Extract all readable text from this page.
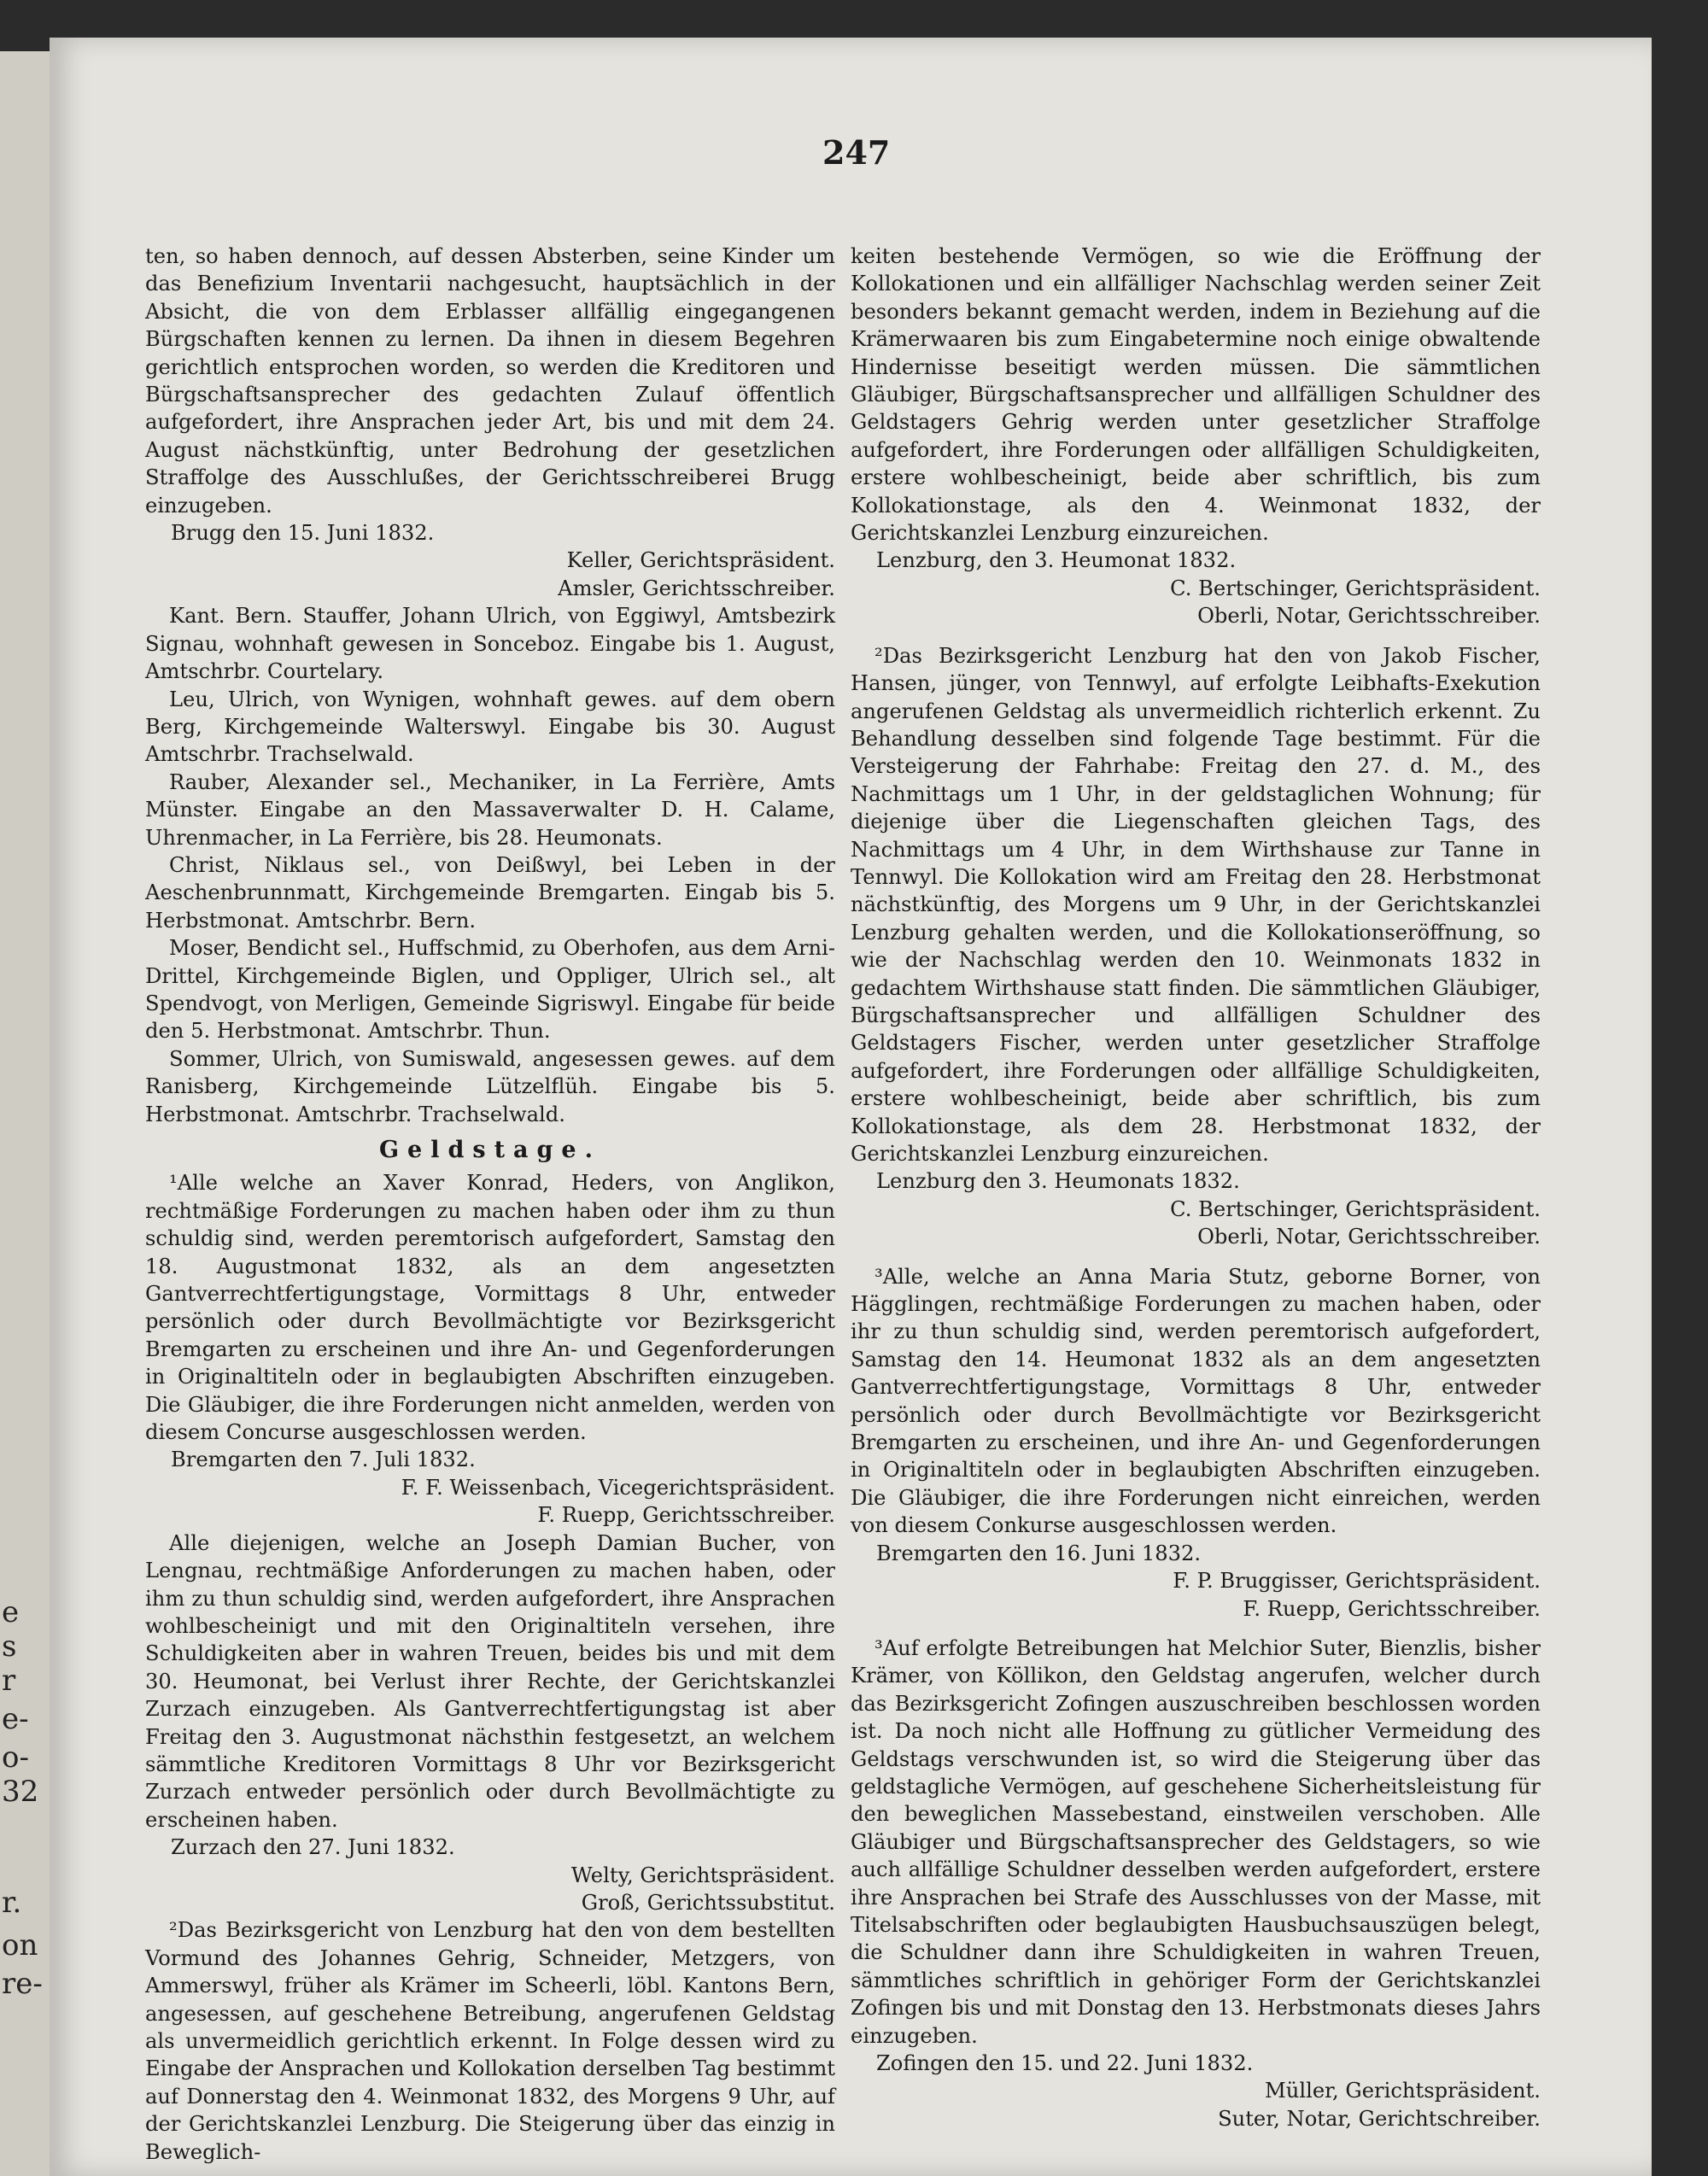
e
s
r
e-
o-
32
r.
on
re-
247

ten, so haben dennoch, auf dessen Absterben, seine Kinder um das Benefizium Inventarii nachgesucht, hauptsächlich in der Absicht, die von dem Erblasser allfällig eingegangenen Bürgschaften kennen zu lernen. Da ihnen in diesem Begehren gerichtlich entsprochen worden, so werden die Kreditoren und Bürgschaftsansprecher des gedachten Zulauf öffentlich aufgefordert, ihre Ansprachen jeder Art, bis und mit dem 24. August nächstkünftig, unter Bedrohung der gesetzlichen Straffolge des Ausschlußes, der Gerichtsschreiberei Brugg einzugeben.

Brugg den 15. Juni 1832.

Keller, Gerichtspräsident.

Amsler, Gerichtsschreiber.

Kant. Bern. Stauffer, Johann Ulrich, von Eggiwyl, Amtsbezirk Signau, wohnhaft gewesen in Sonceboz. Eingabe bis 1. August, Amtschrbr. Courtelary.

Leu, Ulrich, von Wynigen, wohnhaft gewes. auf dem obern Berg, Kirchgemeinde Walterswyl. Eingabe bis 30. August Amtschrbr. Trachselwald.

Rauber, Alexander sel., Mechaniker, in La Ferrière, Amts Münster. Eingabe an den Massaverwalter D. H. Calame, Uhrenmacher, in La Ferrière, bis 28. Heumonats.

Christ, Niklaus sel., von Deißwyl, bei Leben in der Aeschenbrunnmatt, Kirchgemeinde Bremgarten. Eingab bis 5. Herbstmonat. Amtschrbr. Bern.

Moser, Bendicht sel., Huffschmid, zu Oberhofen, aus dem Arni-Drittel, Kirchgemeinde Biglen, und Oppliger, Ulrich sel., alt Spendvogt, von Merligen, Gemeinde Sigriswyl. Eingabe für beide den 5. Herbstmonat. Amtschrbr. Thun.

Sommer, Ulrich, von Sumiswald, angesessen gewes. auf dem Ranisberg, Kirchgemeinde Lützelflüh. Eingabe bis 5. Herbstmonat. Amtschrbr. Trachselwald.

Geldstage.

¹Alle welche an Xaver Konrad, Heders, von Anglikon, rechtmäßige Forderungen zu machen haben oder ihm zu thun schuldig sind, werden peremtorisch aufgefordert, Samstag den 18. Augustmonat 1832, als an dem angesetzten Gantverrechtfertigungstage, Vormittags 8 Uhr, entweder persönlich oder durch Bevollmächtigte vor Bezirksgericht Bremgarten zu erscheinen und ihre An- und Gegenforderungen in Originaltiteln oder in beglaubigten Abschriften einzugeben. Die Gläubiger, die ihre Forderungen nicht anmelden, werden von diesem Concurse ausgeschlossen werden.

Bremgarten den 7. Juli 1832.

F. F. Weissenbach, Vicegerichtspräsident.

F. Ruepp, Gerichtsschreiber.

Alle diejenigen, welche an Joseph Damian Bucher, von Lengnau, rechtmäßige Anforderungen zu machen haben, oder ihm zu thun schuldig sind, werden aufgefordert, ihre Ansprachen wohlbescheinigt und mit den Originaltiteln versehen, ihre Schuldigkeiten aber in wahren Treuen, beides bis und mit dem 30. Heumonat, bei Verlust ihrer Rechte, der Gerichtskanzlei Zurzach einzugeben. Als Gantverrechtfertigungstag ist aber Freitag den 3. Augustmonat nächsthin festgesetzt, an welchem sämmtliche Kreditoren Vormittags 8 Uhr vor Bezirksgericht Zurzach entweder persönlich oder durch Bevollmächtigte zu erscheinen haben.

Zurzach den 27. Juni 1832.

Welty, Gerichtspräsident.

Groß, Gerichtssubstitut.

²Das Bezirksgericht von Lenzburg hat den von dem bestellten Vormund des Johannes Gehrig, Schneider, Metzgers, von Ammerswyl, früher als Krämer im Scheerli, löbl. Kantons Bern, angesessen, auf geschehene Betreibung, angerufenen Geldstag als unvermeidlich gerichtlich erkennt. In Folge dessen wird zu Eingabe der Ansprachen und Kollokation derselben Tag bestimmt auf Donnerstag den 4. Weinmonat 1832, des Morgens 9 Uhr, auf der Gerichtskanzlei Lenzburg. Die Steigerung über das einzig in Beweglich-

keiten bestehende Vermögen, so wie die Eröffnung der Kollokationen und ein allfälliger Nachschlag werden seiner Zeit besonders bekannt gemacht werden, indem in Beziehung auf die Krämerwaaren bis zum Eingabetermine noch einige obwaltende Hindernisse beseitigt werden müssen. Die sämmtlichen Gläubiger, Bürgschaftsansprecher und allfälligen Schuldner des Geldstagers Gehrig werden unter gesetzlicher Straffolge aufgefordert, ihre Forderungen oder allfälligen Schuldigkeiten, erstere wohlbescheinigt, beide aber schriftlich, bis zum Kollokationstage, als den 4. Weinmonat 1832, der Gerichtskanzlei Lenzburg einzureichen.

Lenzburg, den 3. Heumonat 1832.

C. Bertschinger, Gerichtspräsident.

Oberli, Notar, Gerichtsschreiber.

²Das Bezirksgericht Lenzburg hat den von Jakob Fischer, Hansen, jünger, von Tennwyl, auf erfolgte Leibhafts-Exekution angerufenen Geldstag als unvermeidlich richterlich erkennt. Zu Behandlung desselben sind folgende Tage bestimmt. Für die Versteigerung der Fahrhabe: Freitag den 27. d. M., des Nachmittags um 1 Uhr, in der geldstaglichen Wohnung; für diejenige über die Liegenschaften gleichen Tags, des Nachmittags um 4 Uhr, in dem Wirthshause zur Tanne in Tennwyl. Die Kollokation wird am Freitag den 28. Herbstmonat nächstkünftig, des Morgens um 9 Uhr, in der Gerichtskanzlei Lenzburg gehalten werden, und die Kollokationseröffnung, so wie der Nachschlag werden den 10. Weinmonats 1832 in gedachtem Wirthshause statt finden. Die sämmtlichen Gläubiger, Bürgschaftsansprecher und allfälligen Schuldner des Geldstagers Fischer, werden unter gesetzlicher Straffolge aufgefordert, ihre Forderungen oder allfällige Schuldigkeiten, erstere wohlbescheinigt, beide aber schriftlich, bis zum Kollokationstage, als dem 28. Herbstmonat 1832, der Gerichtskanzlei Lenzburg einzureichen.

Lenzburg den 3. Heumonats 1832.

C. Bertschinger, Gerichtspräsident.

Oberli, Notar, Gerichtsschreiber.

³Alle, welche an Anna Maria Stutz, geborne Borner, von Hägglingen, rechtmäßige Forderungen zu machen haben, oder ihr zu thun schuldig sind, werden peremtorisch aufgefordert, Samstag den 14. Heumonat 1832 als an dem angesetzten Gantverrechtfertigungstage, Vormittags 8 Uhr, entweder persönlich oder durch Bevollmächtigte vor Bezirksgericht Bremgarten zu erscheinen, und ihre An- und Gegenforderungen in Originaltiteln oder in beglaubigten Abschriften einzugeben. Die Gläubiger, die ihre Forderungen nicht einreichen, werden von diesem Conkurse ausgeschlossen werden.

Bremgarten den 16. Juni 1832.

F. P. Bruggisser, Gerichtspräsident.

F. Ruepp, Gerichtsschreiber.

³Auf erfolgte Betreibungen hat Melchior Suter, Bienzlis, bisher Krämer, von Köllikon, den Geldstag angerufen, welcher durch das Bezirksgericht Zofingen auszuschreiben beschlossen worden ist. Da noch nicht alle Hoffnung zu gütlicher Vermeidung des Geldstags verschwunden ist, so wird die Steigerung über das geldstagliche Vermögen, auf geschehene Sicherheitsleistung für den beweglichen Massebestand, einstweilen verschoben. Alle Gläubiger und Bürgschaftsansprecher des Geldstagers, so wie auch allfällige Schuldner desselben werden aufgefordert, erstere ihre Ansprachen bei Strafe des Ausschlusses von der Masse, mit Titelsabschriften oder beglaubigten Hausbuchsauszügen belegt, die Schuldner dann ihre Schuldigkeiten in wahren Treuen, sämmtliches schriftlich in gehöriger Form der Gerichtskanzlei Zofingen bis und mit Donstag den 13. Herbstmonats dieses Jahrs einzugeben.

Zofingen den 15. und 22. Juni 1832.

Müller, Gerichtspräsident.

Suter, Notar, Gerichtschreiber.
